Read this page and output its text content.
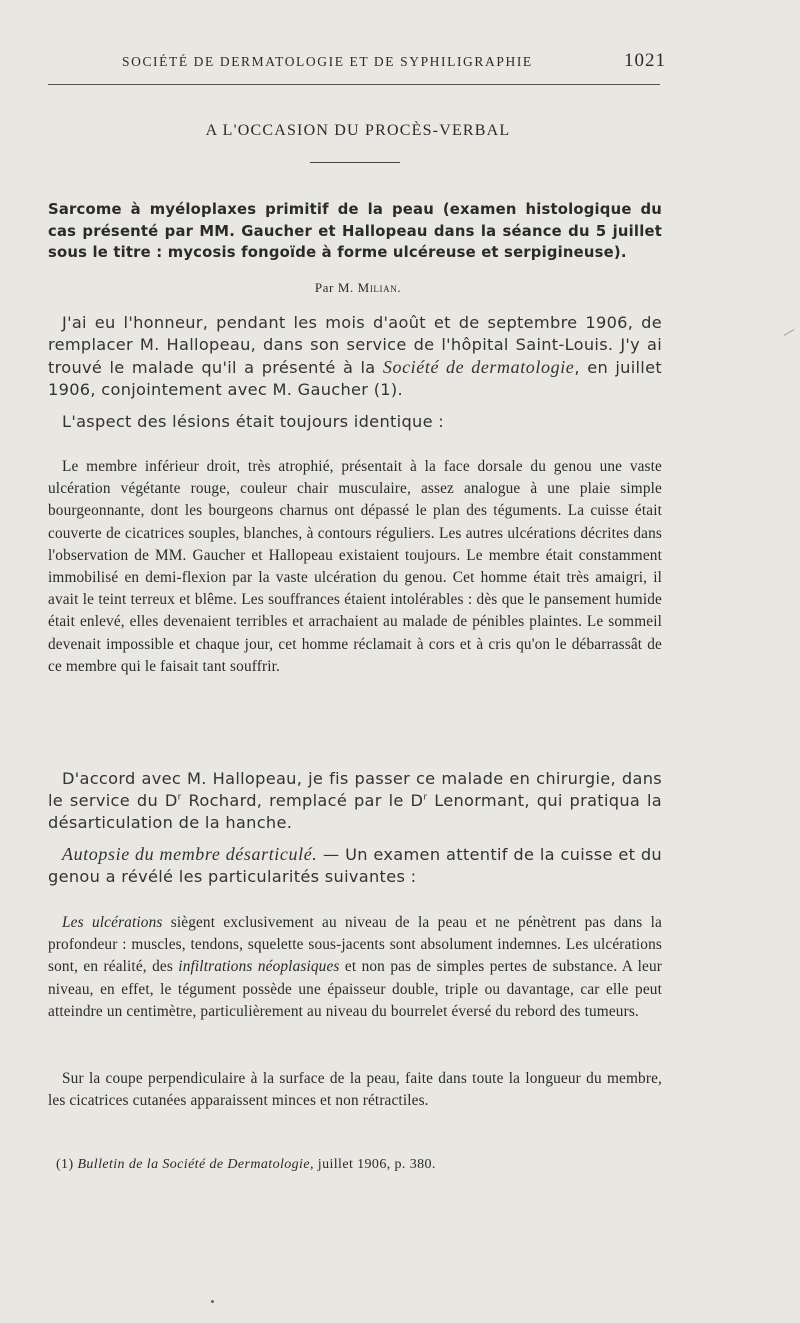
SOCIÉTÉ DE DERMATOLOGIE ET DE SYPHILIGRAPHIE	1021
A L'OCCASION DU PROCÈS-VERBAL

Sarcome à myéloplaxes primitif de la peau (examen histologique du cas présenté par MM. Gaucher et Hallopeau dans la séance du 5 juillet sous le titre : mycosis fongoïde à forme ulcéreuse et serpigineuse).

Par M. Milian.

J'ai eu l'honneur, pendant les mois d'août et de septembre 1906, de remplacer M. Hallopeau, dans son service de l'hôpital Saint-Louis. J'y ai trouvé le malade qu'il a présenté à la Société de dermatologie, en juillet 1906, conjointement avec M. Gaucher (1).

L'aspect des lésions était toujours identique :

Le membre inférieur droit, très atrophié, présentait à la face dorsale du genou une vaste ulcération végétante rouge, couleur chair musculaire, assez analogue à une plaie simple bourgeonnante, dont les bourgeons charnus ont dépassé le plan des téguments. La cuisse était couverte de cicatrices souples, blanches, à contours réguliers. Les autres ulcérations décrites dans l'observation de MM. Gaucher et Hallopeau existaient toujours. Le membre était constamment immobilisé en demi-flexion par la vaste ulcération du genou. Cet homme était très amaigri, il avait le teint terreux et blême. Les souffrances étaient intolérables : dès que le pansement humide était enlevé, elles devenaient terribles et arrachaient au malade de pénibles plaintes. Le sommeil devenait impossible et chaque jour, cet homme réclamait à cors et à cris qu'on le débarrassât de ce membre qui le faisait tant souffrir.

D'accord avec M. Hallopeau, je fis passer ce malade en chirurgie, dans le service du $D^r$ Rochard, remplacé par le $D^r$ Lenormant, qui pratiqua la désarticulation de la hanche.

Autopsie du membre désarticulé. — Un examen attentif de la cuisse et du genou a révélé les particularités suivantes :

Les ulcérations siègent exclusivement au niveau de la peau et ne pénètrent pas dans la profondeur : muscles, tendons, squelette sous-jacents sont absolument indemnes. Les ulcérations sont, en réalité, des infiltrations néoplasiques et non pas de simples pertes de substance. A leur niveau, en effet, le tégument possède une épaisseur double, triple ou davantage, car elle peut atteindre un centimètre, particulièrement au niveau du bourrelet éversé du rebord des tumeurs.

Sur la coupe perpendiculaire à la surface de la peau, faite dans toute la longueur du membre, les cicatrices cutanées apparaissent minces et non rétractiles.

(1) Bulletin de la Société de Dermatologie, juillet 1906, p. 380.
